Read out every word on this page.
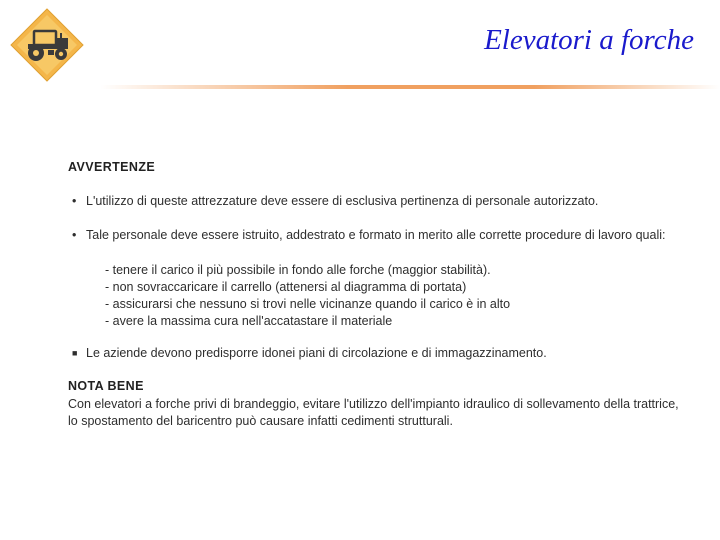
Elevatori a forche
AVVERTENZE
• L'utilizzo di queste attrezzature deve essere di esclusiva pertinenza di personale autorizzato.
• Tale personale deve essere istruito, addestrato e formato in merito alle corrette procedure di lavoro quali:
- tenere il carico il più possibile in fondo alle forche (maggior stabilità).
- non sovraccaricare il carrello (attenersi al diagramma di portata)
- assicurarsi che nessuno si trovi nelle vicinanze quando il carico è in alto
- avere la massima cura nell'accatastare il materiale
■ Le aziende devono predisporre idonei piani di circolazione e di immagazzinamento.
NOTA BENE
Con elevatori a forche privi di brandeggio, evitare l'utilizzo dell'impianto idraulico di sollevamento della trattrice,
lo spostamento del baricentro può causare infatti cedimenti strutturali.
